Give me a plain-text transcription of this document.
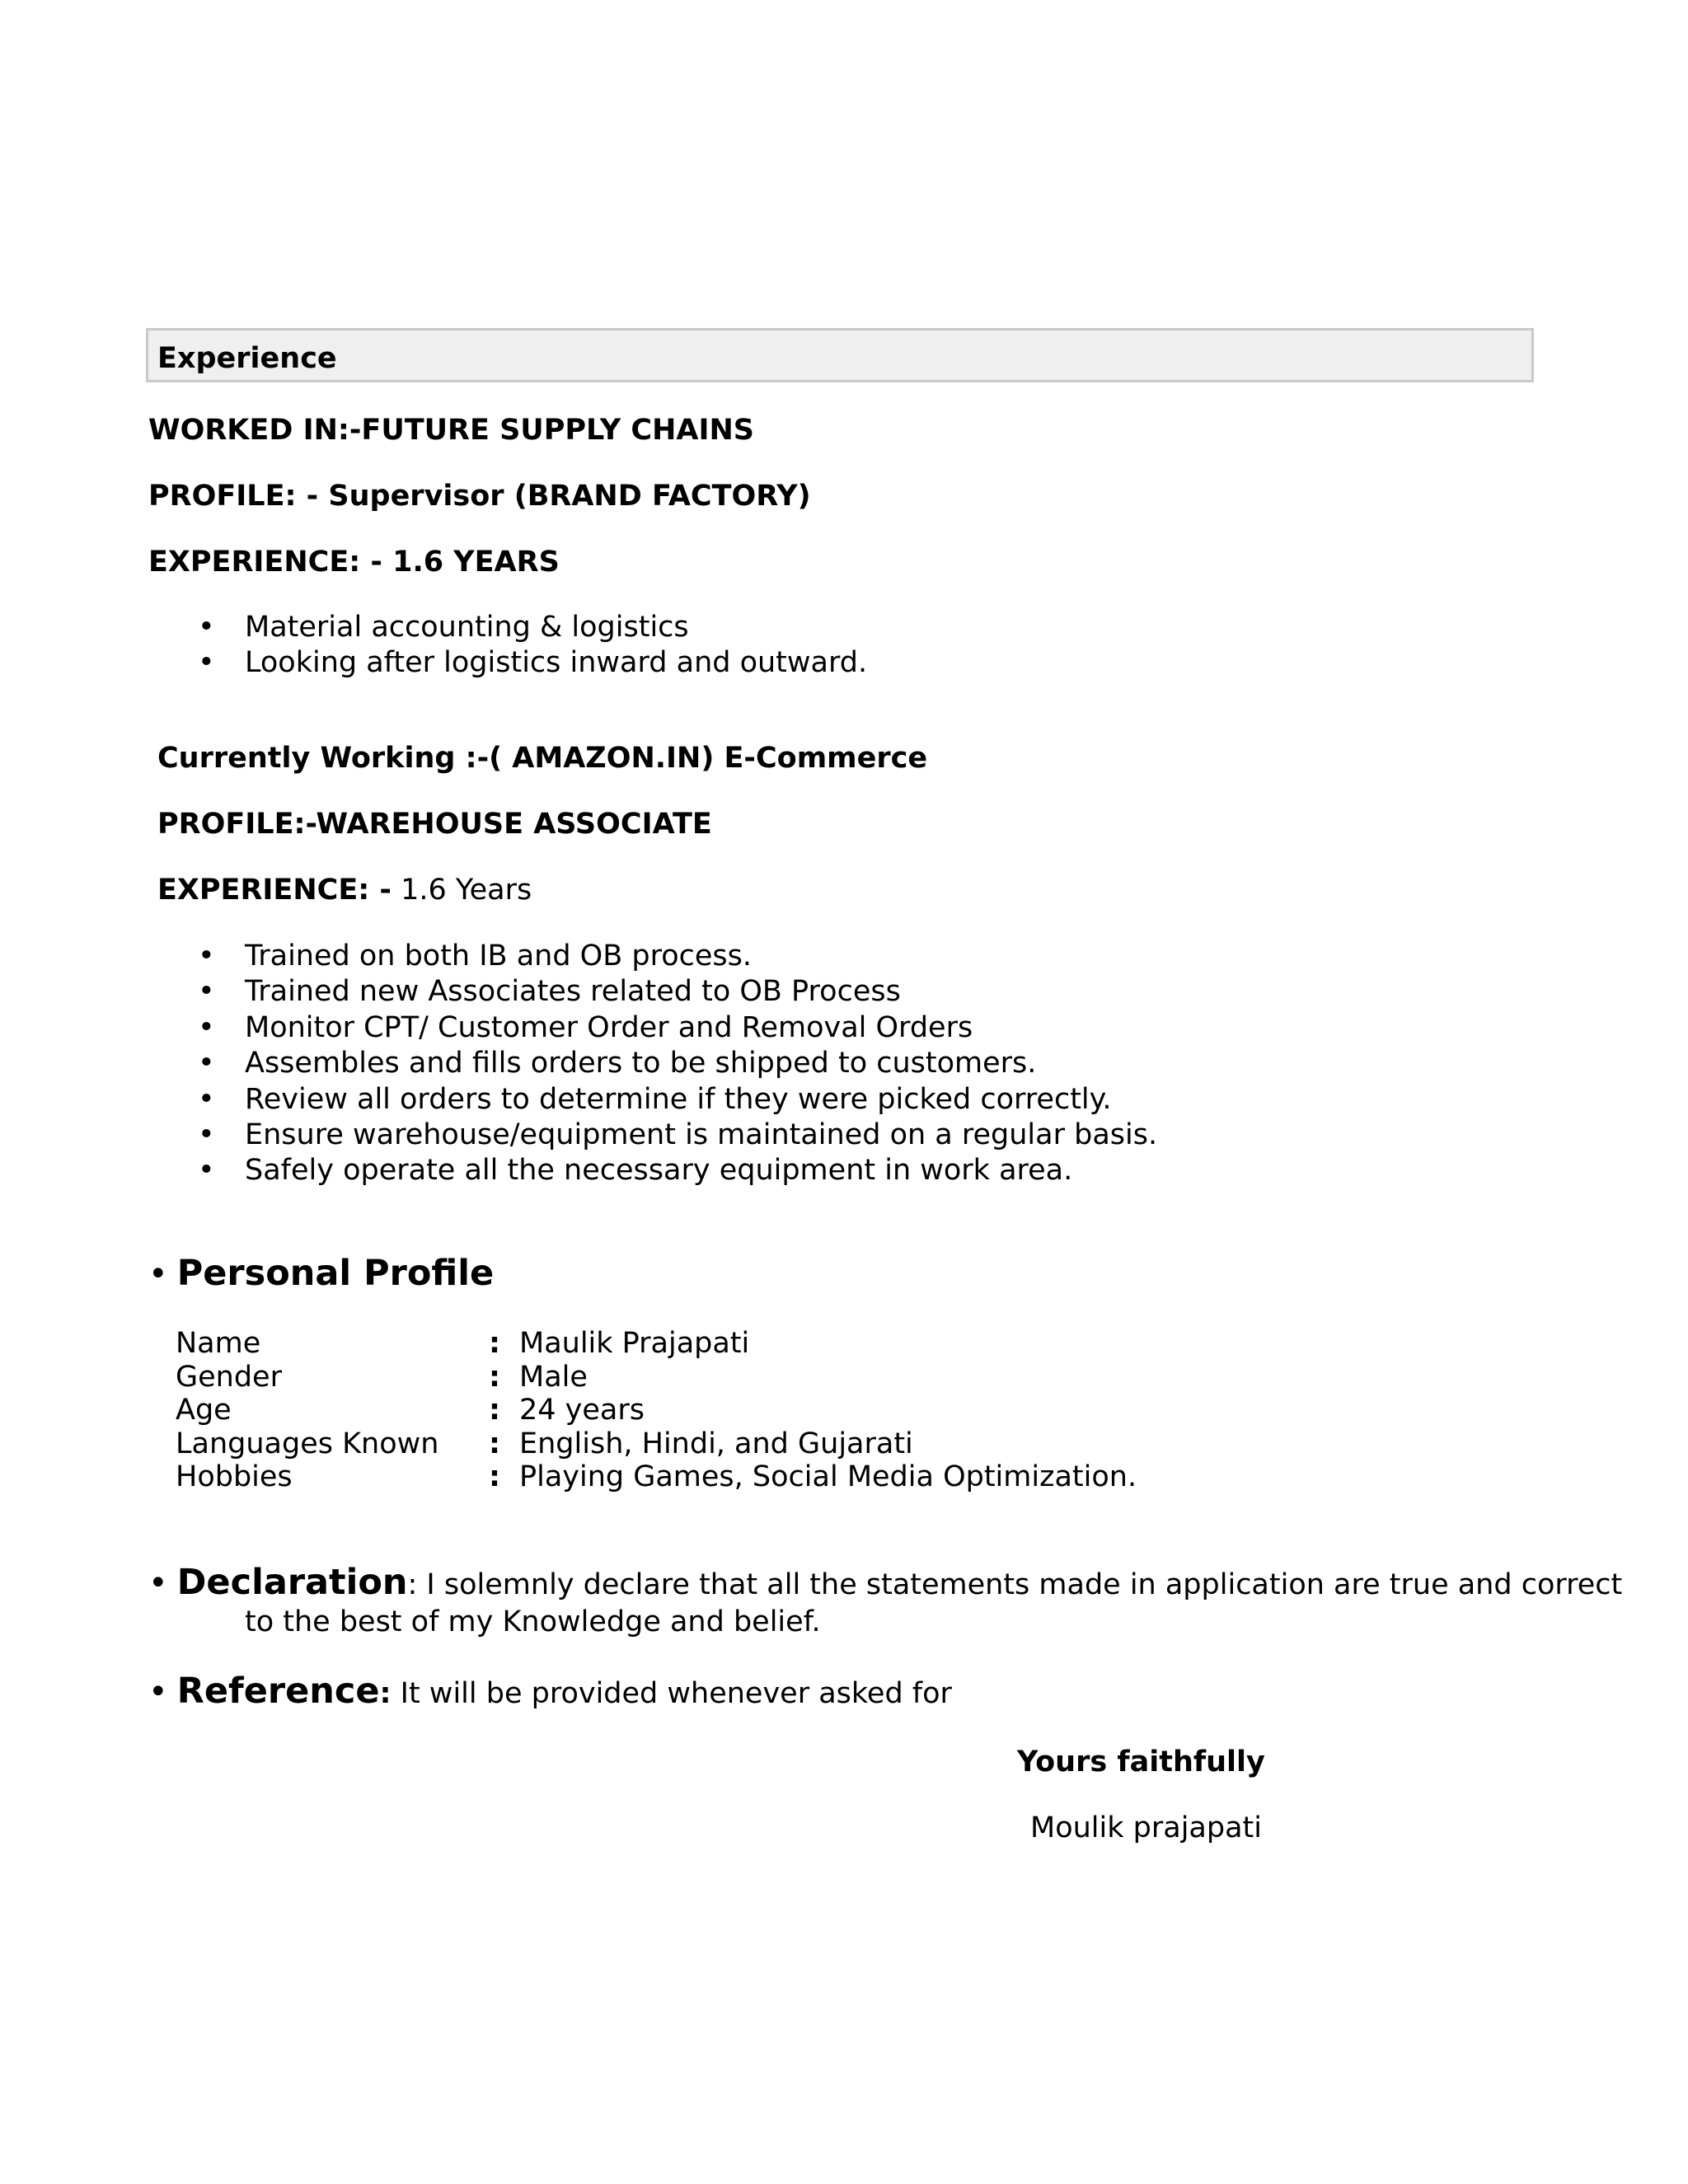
Experience
WORKED IN:-FUTURE SUPPLY CHAINS
PROFILE: - Supervisor (BRAND FACTORY)
EXPERIENCE: - 1.6 YEARS
• Material accounting & logistics
• Looking after logistics inward and outward.
Currently Working :-( AMAZON.IN) E-Commerce
PROFILE:-WAREHOUSE ASSOCIATE
EXPERIENCE: - 1.6 Years
• Trained on both IB and OB process.
• Trained new Associates related to OB Process
• Monitor CPT/ Customer Order and Removal Orders
• Assembles and fills orders to be shipped to customers.
• Review all orders to determine if they were picked correctly.
• Ensure warehouse/equipment is maintained on a regular basis.
• Safely operate all the necessary equipment in work area.
• Personal Profile
Name	: Maulik Prajapati
Gender	: Male
Age	: 24 years
Languages Known : English, Hindi, and Gujarati
Hobbies	: Playing Games, Social Media Optimization.
• Declaration: I solemnly declare that all the statements made in application are true and correct
to the best of my Knowledge and belief.
• Reference: It will be provided whenever asked for
Yours faithfully
Moulik prajapati
